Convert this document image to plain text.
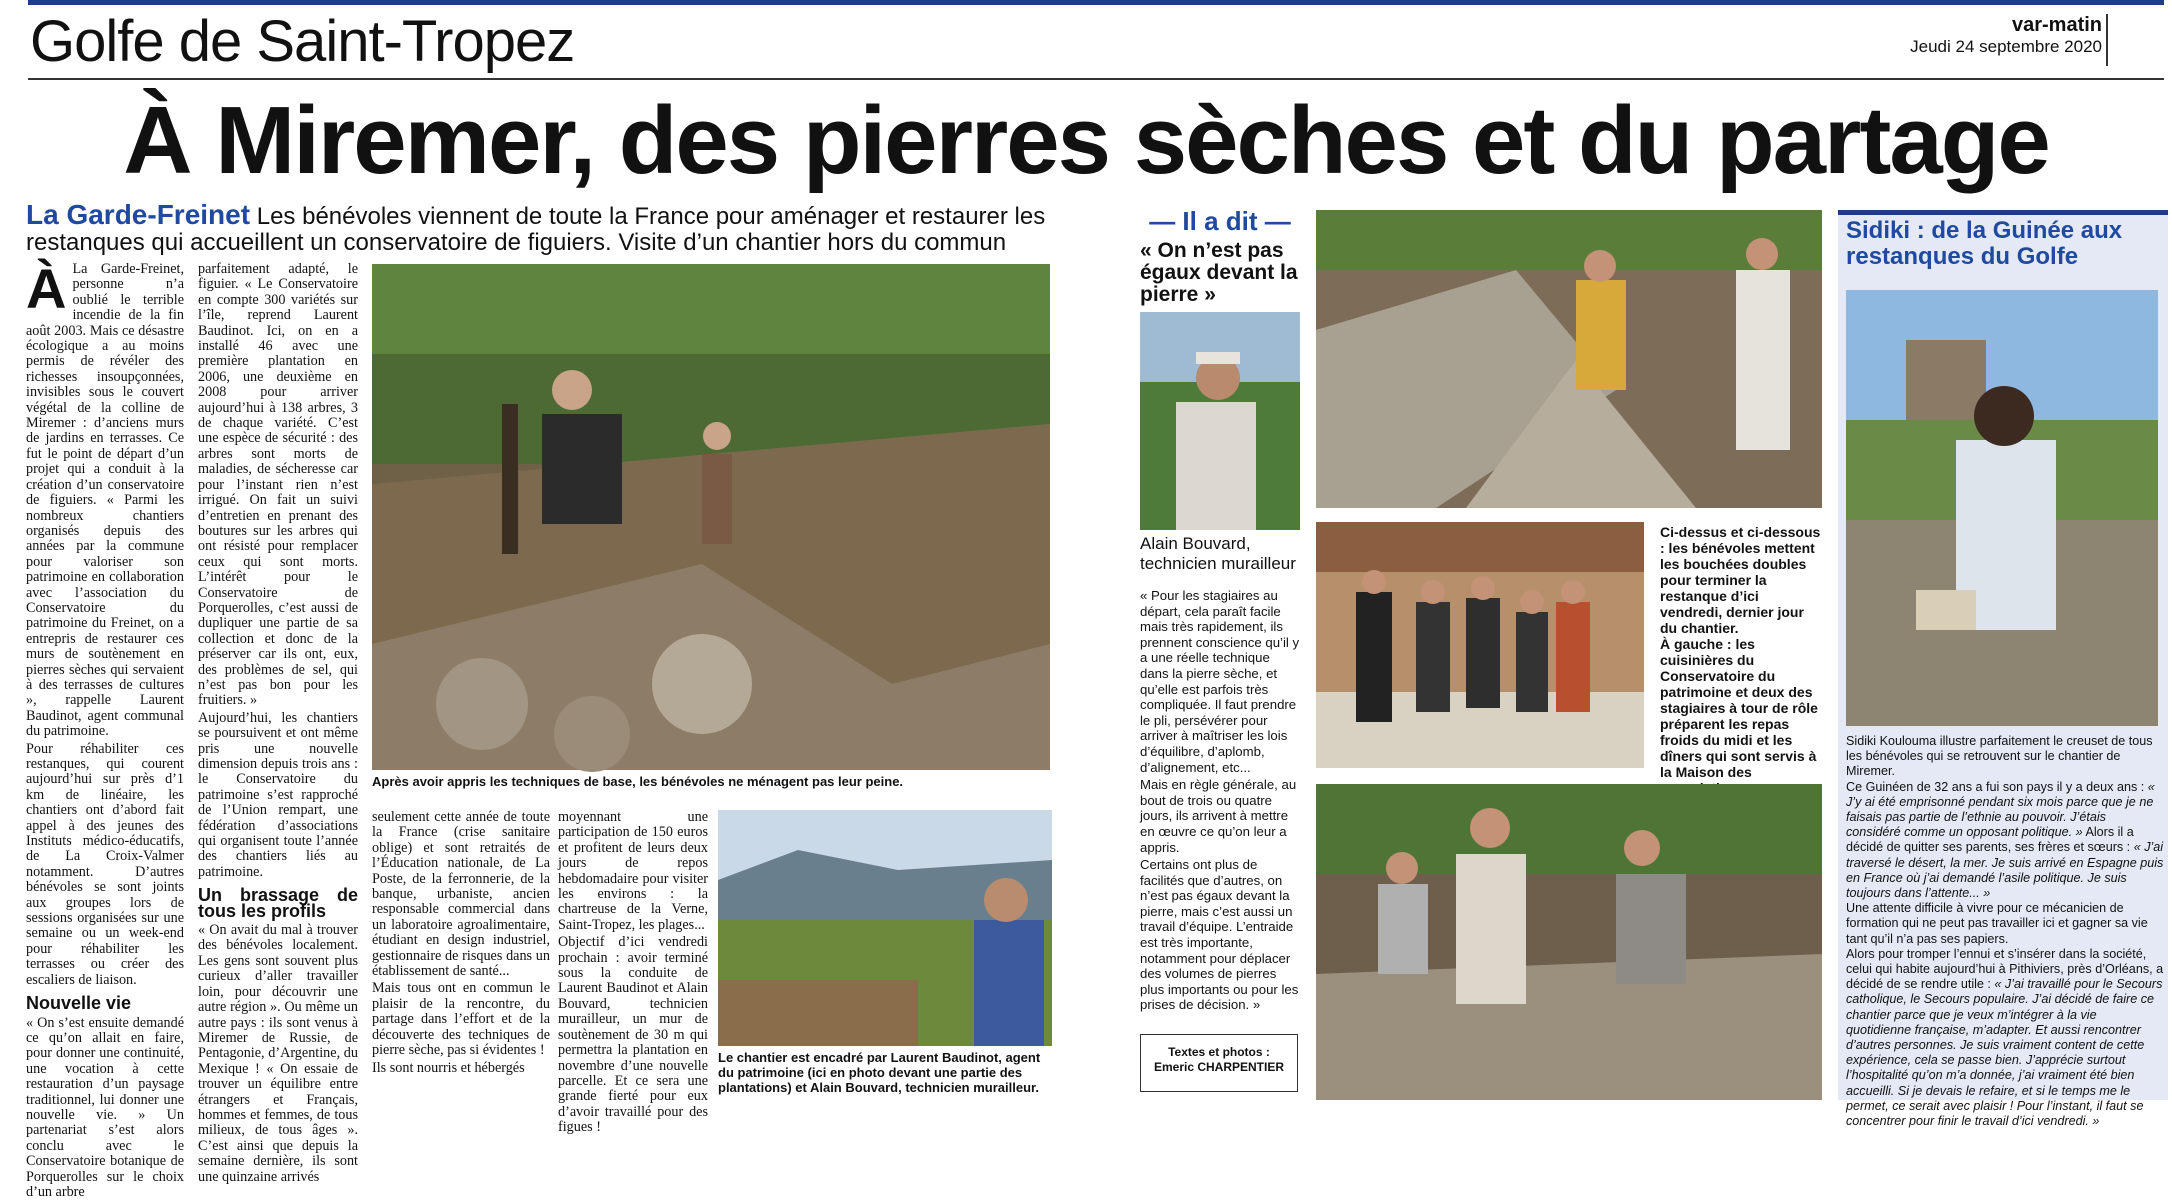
Golfe de Saint-Tropez	var-matin
Jeudi 24 septembre 2020
À Miremer, des pierres sèches et du partage
La Garde-Freinet Les bénévoles viennent de toute la France pour aménager et restaurer les restanques qui accueillent un conservatoire de figuiers. Visite d’un chantier hors du commun
À La Garde-Freinet, personne n’a oublié le terrible incendie de la fin août 2003. Mais ce désastre écologique a au moins permis de révéler des richesses insoupçonnées, invisibles sous le couvert végétal de la colline de Miremer : d’anciens murs de jardins en terrasses. Ce fut le point de départ d’un projet qui a conduit à la création d’un conservatoire de figuiers. « Parmi les nombreux chantiers organisés depuis des années par la commune pour valoriser son patrimoine en collaboration avec l’association du Conservatoire du patrimoine du Freinet, on a entrepris de restaurer ces murs de soutènement en pierres sèches qui servaient à des terrasses de cultures », rappelle Laurent Baudinot, agent communal du patrimoine.

Pour réhabiliter ces restanques, qui courent aujourd’hui sur près d’1 km de linéaire, les chantiers ont d’abord fait appel à des jeunes des Instituts médico-éducatifs, de La Croix-Valmer notamment. D’autres bénévoles se sont joints aux groupes lors de sessions organisées sur une semaine ou un week-end pour réhabiliter les terrasses ou créer des escaliers de liaison.

Nouvelle vie

« On s’est ensuite demandé ce qu’on allait en faire, pour donner une continuité, une vocation à cette restauration d’un paysage traditionnel, lui donner une nouvelle vie. » Un partenariat s’est alors conclu avec le Conservatoire botanique de Porquerolles sur le choix d’un arbre

parfaitement adapté, le figuier. « Le Conservatoire en compte 300 variétés sur l’île, reprend Laurent Baudinot. Ici, on en a installé 46 avec une première plantation en 2006, une deuxième en 2008 pour arriver aujourd’hui à 138 arbres, 3 de chaque variété. C’est une espèce de sécurité : des arbres sont morts de maladies, de sécheresse car pour l’instant rien n’est irrigué. On fait un suivi d’entretien en prenant des boutures sur les arbres qui ont résisté pour remplacer ceux qui sont morts. L’intérêt pour le Conservatoire de Porquerolles, c’est aussi de dupliquer une partie de sa collection et donc de la préserver car ils ont, eux, des problèmes de sel, qui n’est pas bon pour les fruitiers. »

Aujourd’hui, les chantiers se poursuivent et ont même pris une nouvelle dimension depuis trois ans : le Conservatoire du patrimoine s’est rapproché de l’Union rempart, une fédération d’associations qui organisent toute l’année des chantiers liés au patrimoine.

Un brassage de tous les profils

« On avait du mal à trouver des bénévoles localement. Les gens sont souvent plus curieux d’aller travailler loin, pour découvrir une autre région ». Ou même un autre pays : ils sont venus à Miremer de Russie, de Pentagonie, d’Argentine, du Mexique ! « On essaie de trouver un équilibre entre étrangers et Français, hommes et femmes, de tous milieux, de tous âges ». C’est ainsi que depuis la semaine dernière, ils sont une quinzaine arrivés

Après avoir appris les techniques de base, les bénévoles ne ménagent pas leur peine.

seulement cette année de toute la France (crise sanitaire oblige) et sont retraités de l’Éducation nationale, de La Poste, de la ferronnerie, de la banque, urbaniste, ancien responsable commercial dans un laboratoire agroalimentaire, étudiant en design industriel, gestionnaire de risques dans un établissement de santé...

Mais tous ont en commun le plaisir de la rencontre, du partage dans l’effort et de la découverte des techniques de pierre sèche, pas si évidentes !

Ils sont nourris et hébergés

moyennant une participation de 150 euros et profitent de leurs deux jours de repos hebdomadaire pour visiter les environs : la chartreuse de la Verne, Saint-Tropez, les plages...

Objectif d’ici vendredi prochain : avoir terminé sous la conduite de Laurent Baudinot et Alain Bouvard, technicien murailleur, un mur de soutènement de 30 m qui permettra la plantation en novembre d’une nouvelle parcelle. Et ce sera une grande fierté pour eux d’avoir travaillé pour des figues !

Le chantier est encadré par Laurent Baudinot, agent du patrimoine (ici en photo devant une partie des plantations) et Alain Bouvard, technicien murailleur.
— Il a dit —
« On n’est pas égaux devant la pierre »
Alain Bouvard, technicien murailleur

« Pour les stagiaires au départ, cela paraît facile mais très rapidement, ils prennent conscience qu’il y a une réelle technique dans la pierre sèche, et qu’elle est parfois très compliquée. Il faut prendre le pli, persévérer pour arriver à maîtriser les lois d’équilibre, d’aplomb, d’alignement, etc...

Mais en règle générale, au bout de trois ou quatre jours, ils arrivent à mettre en œuvre ce qu’on leur a appris.

Certains ont plus de facilités que d’autres, on n’est pas égaux devant la pierre, mais c’est aussi un travail d’équipe. L’entraide est très importante, notamment pour déplacer des volumes de pierres plus importants ou pour les prises de décision. »

Textes et photos :
Emeric CHARPENTIER
Ci-dessus et ci-dessous : les bénévoles mettent les bouchées doubles pour terminer la restanque d’ici vendredi, dernier jour du chantier.
À gauche : les cuisinières du Conservatoire du patrimoine et deux des stagiaires à tour de rôle préparent les repas froids du midi et les dîners qui sont servis à la Maison des
Sidiki : de la Guinée aux restanques du Golfe

Sidiki Koulouma illustre parfaitement le creuset de tous les bénévoles qui se retrouvent sur le chantier de Miremer.

Ce Guinéen de 32 ans a fui son pays il y a deux ans : « J’y ai été emprisonné pendant six mois parce que je ne faisais pas partie de l’ethnie au pouvoir. J’étais considéré comme un opposant politique. » Alors il a décidé de quitter ses parents, ses frères et sœurs : « J’ai traversé le désert, la mer. Je suis arrivé en Espagne puis en France où j’ai demandé l’asile politique. Je suis toujours dans l’attente... »

Une attente difficile à vivre pour ce mécanicien de formation qui ne peut pas travailler ici et gagner sa vie tant qu’il n’a pas ses papiers.

Alors pour tromper l’ennui et s’insérer dans la société, celui qui habite aujourd’hui à Pithiviers, près d’Orléans, a décidé de se rendre utile : « J’ai travaillé pour le Secours catholique, le Secours populaire. J’ai décidé de faire ce chantier parce que je veux m’intégrer à la vie quotidienne française, m’adapter. Et aussi rencontrer d’autres personnes. Je suis vraiment content de cette expérience, cela se passe bien. J’apprécie surtout l’hospitalité qu’on m’a donnée, j’ai vraiment été bien accueilli. Si je devais le refaire, et si le temps me le permet, ce serait avec plaisir ! Pour l’instant, il faut se concentrer pour finir le travail d’ici vendredi. »
